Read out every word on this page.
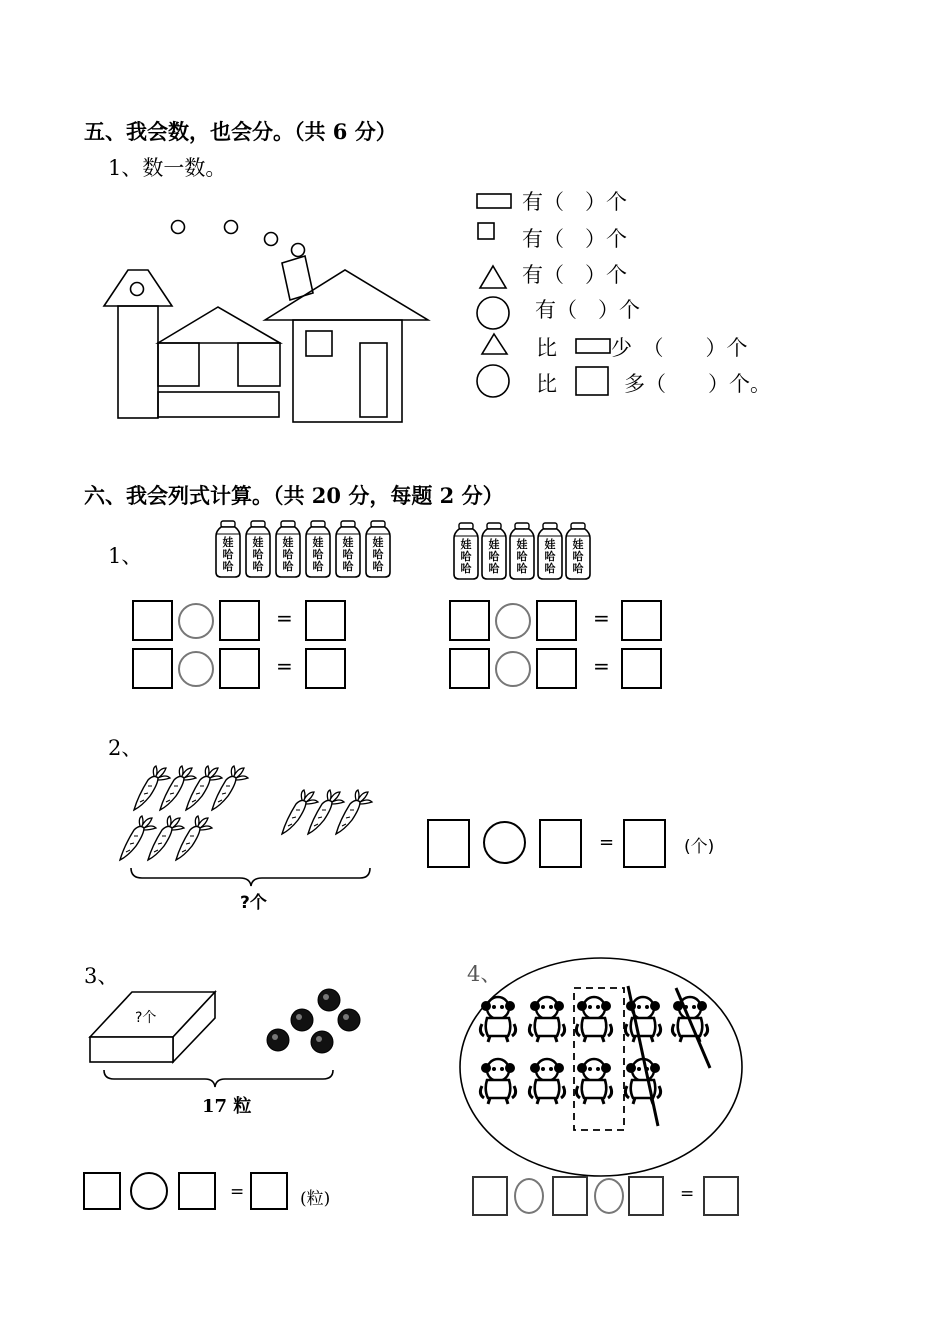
五、我会数，也会分。（共 6 分）
1、数一数。
有（　）个
有（　）个
有（　）个
有（　）个
比	少　（　　）个
比	多（　　）个。
六、我会列式计算。（共 20 分，每题 2 分）
1、
娃
哈
哈
娃
哈
哈
娃
哈
哈
娃
哈
哈
娃
哈
哈
娃
哈
哈
娃
哈
哈
娃
哈
哈
娃
哈
哈
娃
哈
哈
娃
哈
哈
=
=
=
=
2、
?个
=	(个)
3、
?个
17 粒
=	(粒)
4、
=
